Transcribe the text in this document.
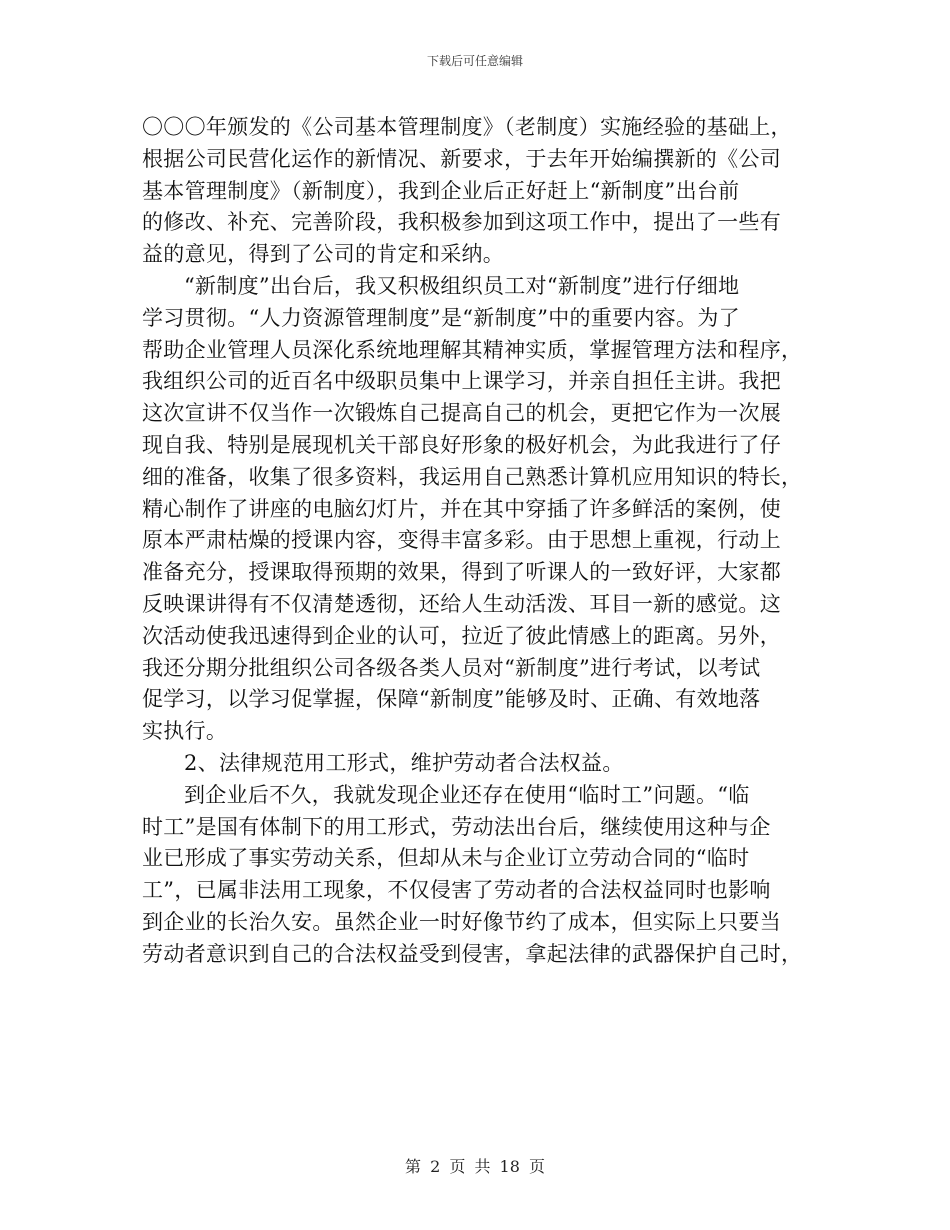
下载后可任意编辑
〇〇〇年颁发的《公司基本管理制度》（老制度）实施经验的基础上，
根据公司民营化运作的新情况、新要求，于去年开始编撰新的《公司
基本管理制度》（新制度），我到企业后正好赶上“新制度”出台前
的修改、补充、完善阶段，我积极参加到这项工作中，提出了一些有
益的意见，得到了公司的肯定和采纳。
“新制度”出台后，我又积极组织员工对“新制度”进行仔细地
学习贯彻。“人力资源管理制度”是“新制度”中的重要内容。为了
帮助企业管理人员深化系统地理解其精神实质，掌握管理方法和程序，
我组织公司的近百名中级职员集中上课学习，并亲自担任主讲。我把
这次宣讲不仅当作一次锻炼自己提高自己的机会，更把它作为一次展
现自我、特别是展现机关干部良好形象的极好机会，为此我进行了仔
细的准备，收集了很多资料，我运用自己熟悉计算机应用知识的特长，
精心制作了讲座的电脑幻灯片，并在其中穿插了许多鲜活的案例，使
原本严肃枯燥的授课内容，变得丰富多彩。由于思想上重视，行动上
准备充分，授课取得预期的效果，得到了听课人的一致好评，大家都
反映课讲得有不仅清楚透彻，还给人生动活泼、耳目一新的感觉。这
次活动使我迅速得到企业的认可，拉近了彼此情感上的距离。另外，
我还分期分批组织公司各级各类人员对“新制度”进行考试，以考试
促学习，以学习促掌握，保障“新制度”能够及时、正确、有效地落
实执行。
2、法律规范用工形式，维护劳动者合法权益。
到企业后不久，我就发现企业还存在使用“临时工”问题。“临
时工”是国有体制下的用工形式，劳动法出台后，继续使用这种与企
业已形成了事实劳动关系，但却从未与企业订立劳动合同的“临时
工”，已属非法用工现象，不仅侵害了劳动者的合法权益同时也影响
到企业的长治久安。虽然企业一时好像节约了成本，但实际上只要当
劳动者意识到自己的合法权益受到侵害，拿起法律的武器保护自己时，
第 2 页 共 18 页
